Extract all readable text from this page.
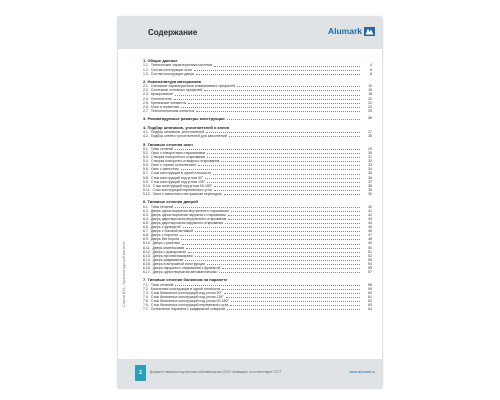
Содержание	Alumark
Серия ВХL. Архитектурный каталог
1. Общие данные
1.1. Технические характеристики системы	4
1.2. Состав конструкции окна	6
1.3. Состав конструкции двери	8
2. Номенклатура материалов
2.1. Основные характеристики алюминиевых профилей	10
2.2. Сочетание основных профилей	15
2.3. Армирование	18
2.4. Уплотнители	20
2.5. Крепежные элементы	22
2.6. Клеи и герметики	24
2.7. Технологическая оснастка	25
3. Рекомендуемые размеры конструкции	26
4. Подбор штапиков, уплотнителей и клеев
4.1. Подбор штапиков, уплотнителей	27
4.2. Подбор клеев и уплотнителей для заполнений	28
5. Типовые сечения окон
5.1. Типы сечений	29
5.2. Окно с поворотным открыванием	30
5.3. Створка поворотного открывания	31
5.4. Створка поворотно-откидного открывания	32
5.5. Окно с глухим остеклением	33
5.6. Окно с импостом	34
5.7. Стык конструкций в одной плоскости	35
5.8. Стык конструкций под углом 90°	36
5.9. Стык конструкций под углом 135°	37
5.10. Стык конструкций под углом 90-180°	38
5.11. Стык конструкций переменного угла	39
5.12. Окно с импостом и витражным переходом	39
6. Типовые сечения дверей
6.1. Типы сечений	40
6.2. Дверь одностворчатая внутреннего открывания	41
6.3. Дверь одностворчатая наружного открывания	42
6.4. Дверь двустворчатая внутреннего открывания	43
6.5. Дверь двустворчатая наружного открывания	44
6.6. Дверь с фрамугой	45
6.7. Дверь с боковой вставкой	46
6.8. Дверь с порогом	47
6.9. Дверь без порога	48
6.10. Дверь с ригелем	49
6.11. Дверь маятниковая	50
6.12. Дверь с доводчиком	51
6.13. Дверь противопожарная	52
6.14. Дверь раздвижная	53
6.15. Дверь в витражной конструкции	54
6.16. Дверь наружного открывания с фрамугой	55
6.17. Дверь одностворчатая автоматическая	57
7. Типовые сечения балконов на парапете
7.1. Типы сечений	58
7.2. Балконная конструкция в одной плоскости	59
7.3. Стык балконных конструкций под углом 90°	60
7.4. Стык балконных конструкций под углом 135°	61
7.5. Стык балконных конструкций под углом 90-180°	62
7.6. Стык балконных конструкций переменного угла	63
7.7. Остекление парапета с раздвижной створкой	64
2	Документ является внутренним собственностью ООО «Алюмарк» и соответствует ГОСТ	www.alumark.ru
